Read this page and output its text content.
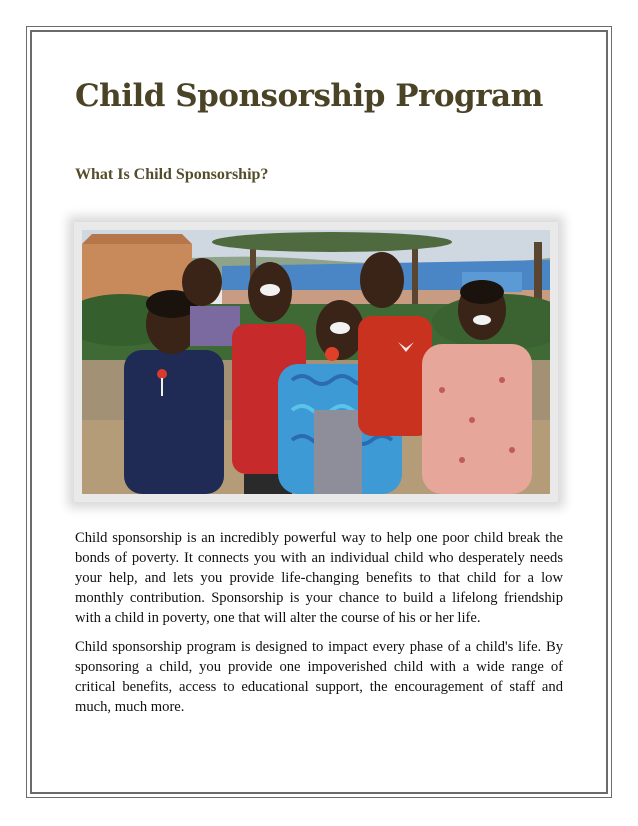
Child Sponsorship Program
What Is Child Sponsorship?

Child sponsorship is an incredibly powerful way to help one poor child break the bonds of poverty. It connects you with an individual child who desperately needs your help, and lets you provide life-changing benefits to that child for a low monthly contribution. Sponsorship is your chance to build a lifelong friendship with a child in poverty, one that will alter the course of his or her life.

Child sponsorship program is designed to impact every phase of a child's life. By sponsoring a child, you provide one impoverished child with a wide range of critical benefits, access to educational support, the encouragement of staff and much, much more.
